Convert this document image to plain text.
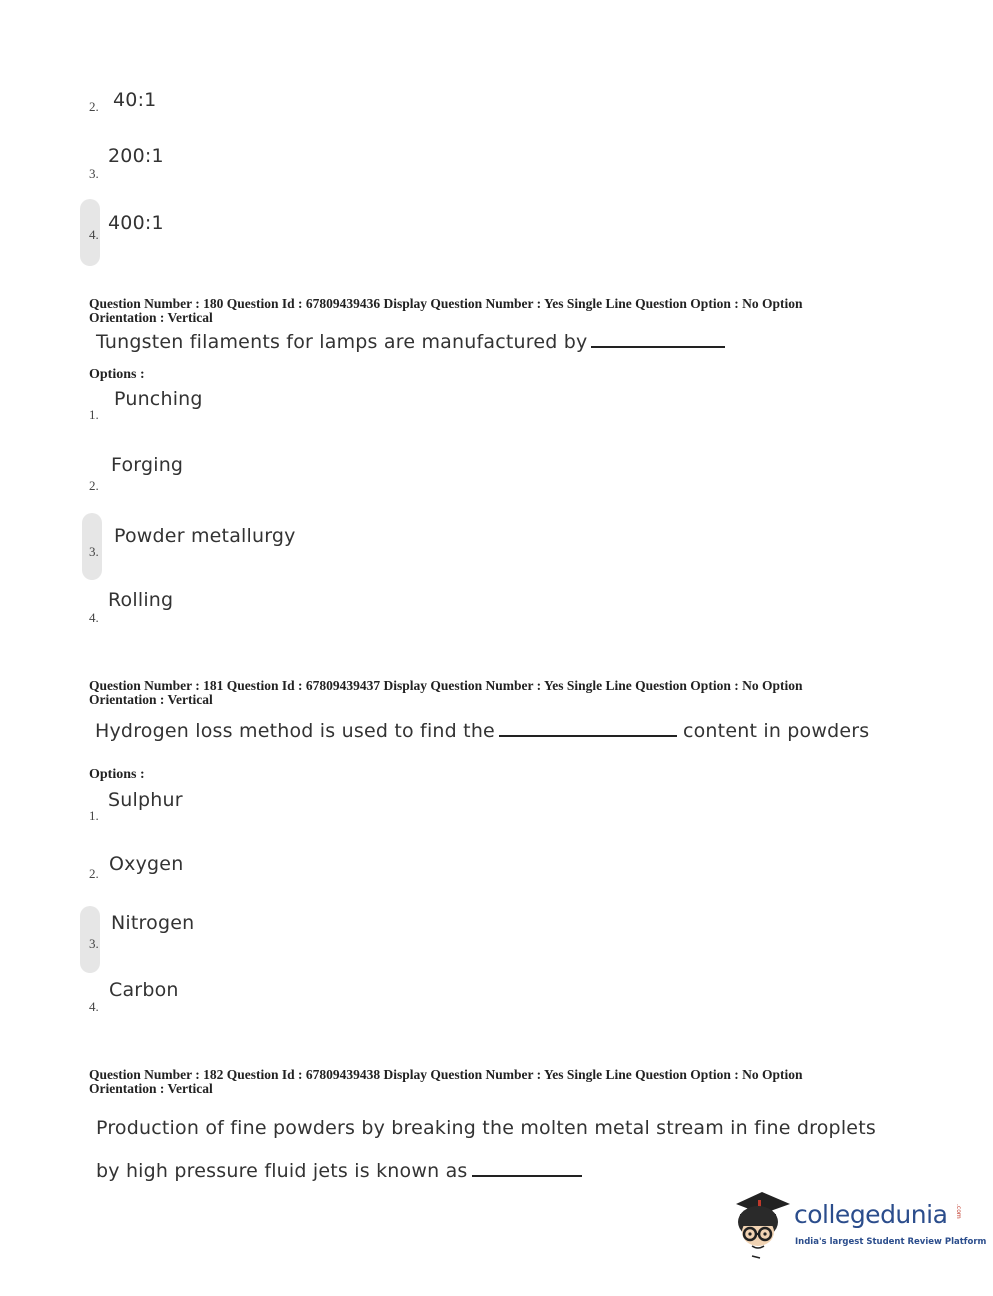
2. 40:1
3.
200:1
4.
400:1
Question Number : 180 Question Id : 67809439436 Display Question Number : Yes Single Line Question Option : No Option
Orientation : Vertical
Tungsten filaments for lamps are manufactured by
Options :
1.
Punching
2.
Forging
3.
Powder metallurgy
4.
Rolling
Question Number : 181 Question Id : 67809439437 Display Question Number : Yes Single Line Question Option : No Option
Orientation : Vertical
Hydrogen loss method is used to find the	content in powders
Options :
1.
Sulphur
2. Oxygen
3.
Nitrogen
4.
Carbon
Question Number : 182 Question Id : 67809439438 Display Question Number : Yes Single Line Question Option : No Option
Orientation : Vertical
Production of fine powders by breaking the molten metal stream in fine droplets
by high pressure fluid jets is known as
collegedunia .com
India's largest Student Review Platform
